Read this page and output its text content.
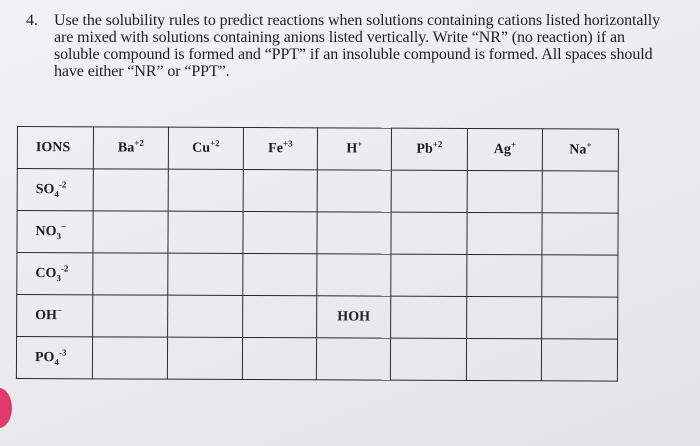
4. Use the solubility rules to predict reactions when solutions containing cations listed horizontally
are mixed with solutions containing anions listed vertically. Write “NR” (no reaction) if an
soluble compound is formed and “PPT” if an insoluble compound is formed. All spaces should
have either “NR” or “PPT”.
IONS	$Ba^{+2}$	$Cu^{+2}$	$Fe^{+3}$	H+	$Pb^{+2}$	Ag+	Na+
$SO_4^{-2}$							
$NO_3^-$							
$CO_3^{-2}$							
OH−				HOH			
$PO_4^{-3}$							
